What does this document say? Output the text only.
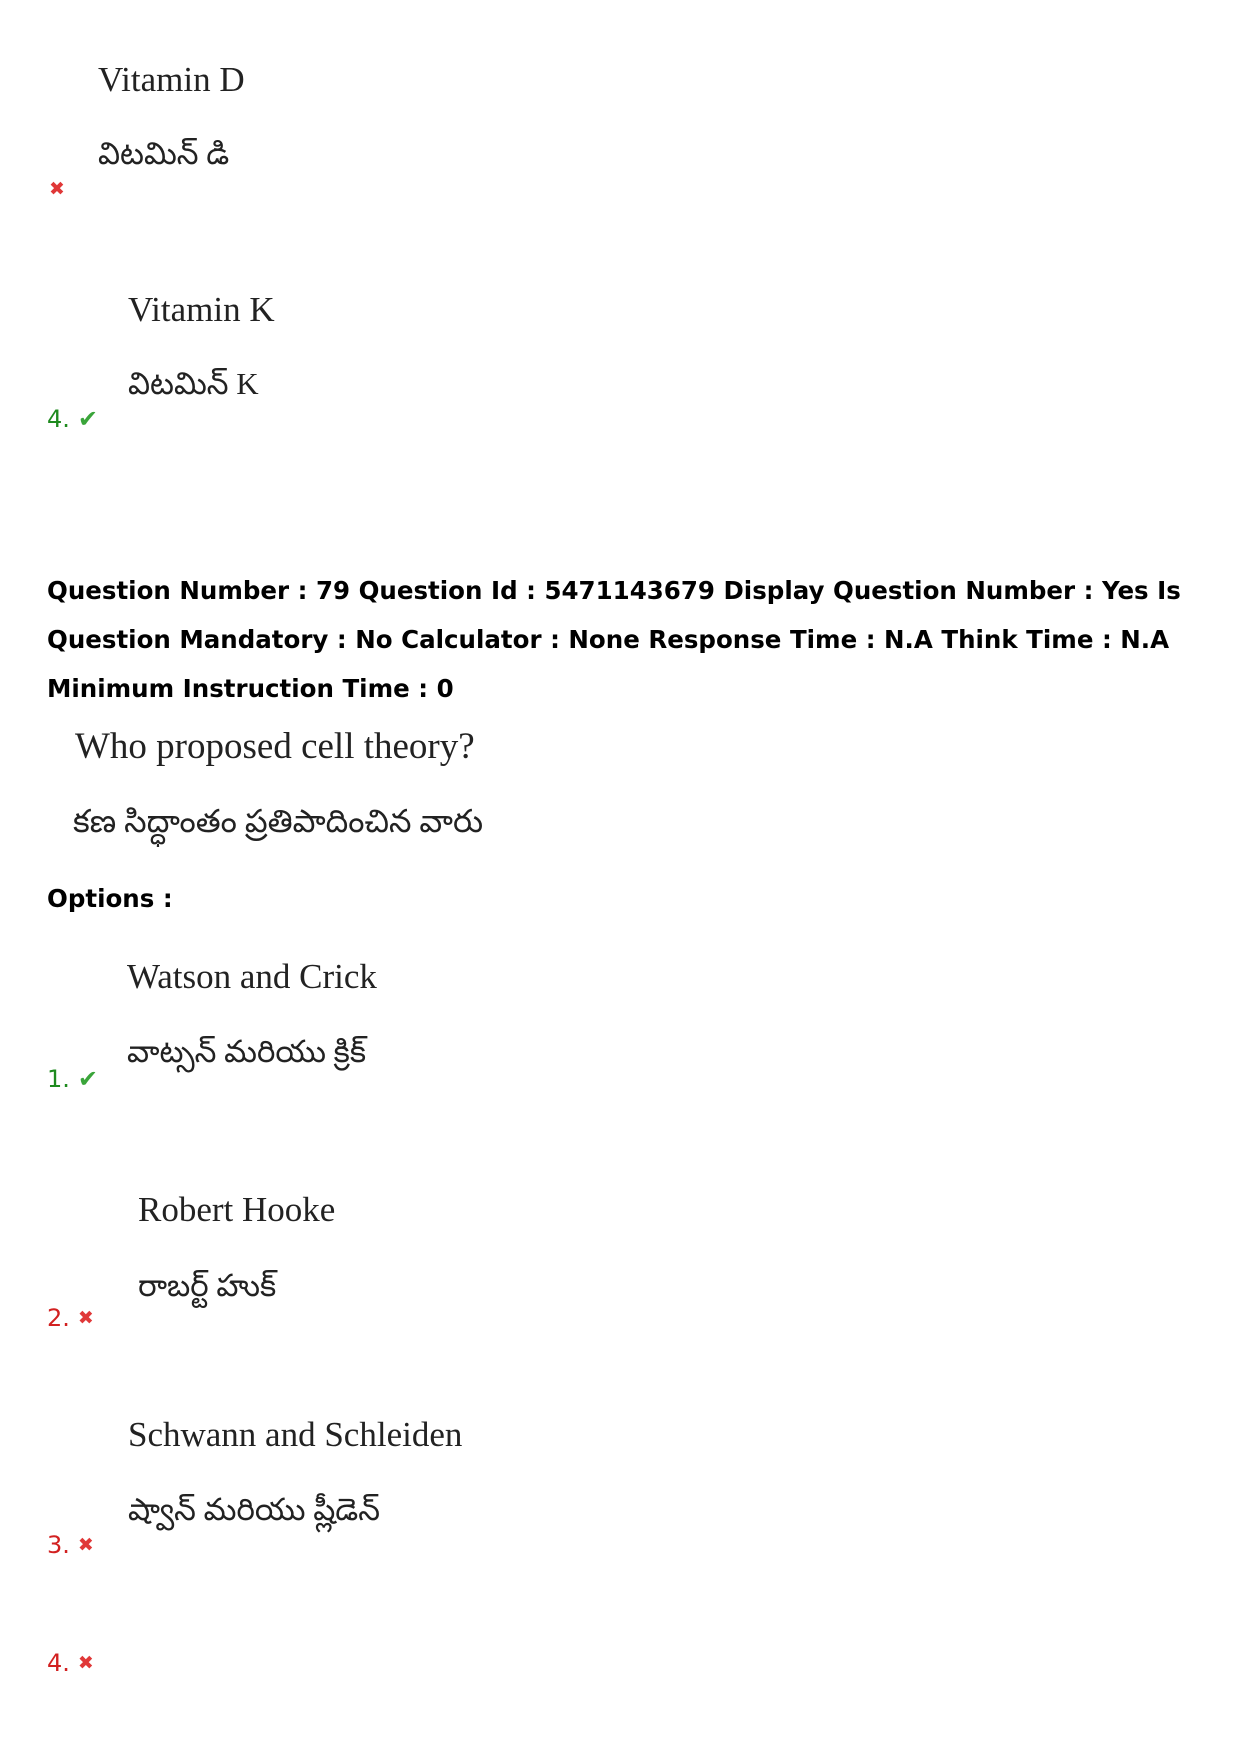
Vitamin D
విటమిన్ డి
✖
Vitamin K
విటమిన్ K
4. ✔
Question Number : 79 Question Id : 5471143679 Display Question Number : Yes Is Question Mandatory : No Calculator : None Response Time : N.A Think Time : N.A Minimum Instruction Time : 0
Who proposed cell theory?
కణ సిద్ధాంతం ప్రతిపాదించిన వారు
Options :
Watson and Crick
వాట్సన్ మరియు క్రిక్
1. ✔
Robert Hooke
రాబర్ట్ హుక్
2. ✖
Schwann and Schleiden
ష్వాన్ మరియు ష్లీడెన్
3. ✖
4. ✖
